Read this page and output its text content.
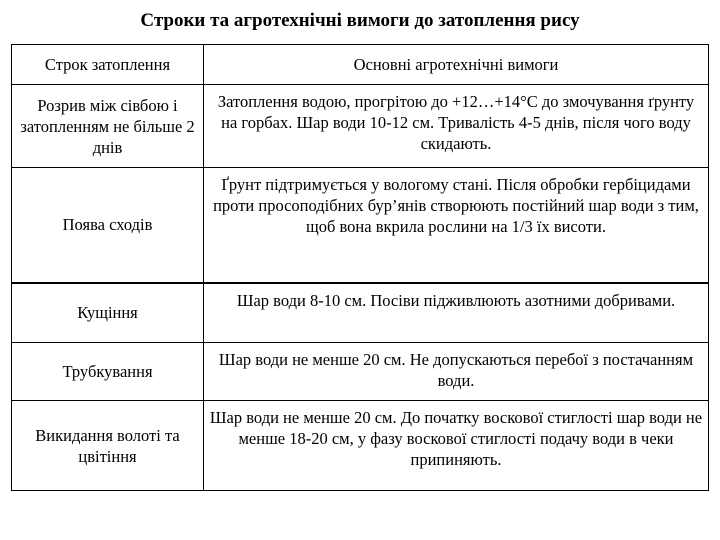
Строки та агротехнічні вимоги до затоплення рису
Строк затоплення	Основні агротехнічні вимоги
Розрив між сівбою і затопленням не більше 2 днів	Затоплення водою, прогрітою до +12…+14°С до змочування ґрунту на горбах. Шар води 10-12 см. Тривалість 4-5 днів, після чого воду скидають.
Поява сходів	Ґрунт підтримується у вологому стані. Після обробки гербіцидами проти просоподібних бур’янів створюють постійний шар води з тим, щоб вона вкрила рослини на 1/3 їх висоти.
Кущіння	Шар води 8-10 см. Посіви підживлюють азотними добривами.
Трубкування	Шар води не менше 20 см. Не допускаються перебої з постачанням води.
Викидання волоті та цвітіння	Шар води не менше 20 см. До початку воскової стиглості шар води не менше 18-20 см, у фазу воскової стиглості подачу води в чеки припиняють.
